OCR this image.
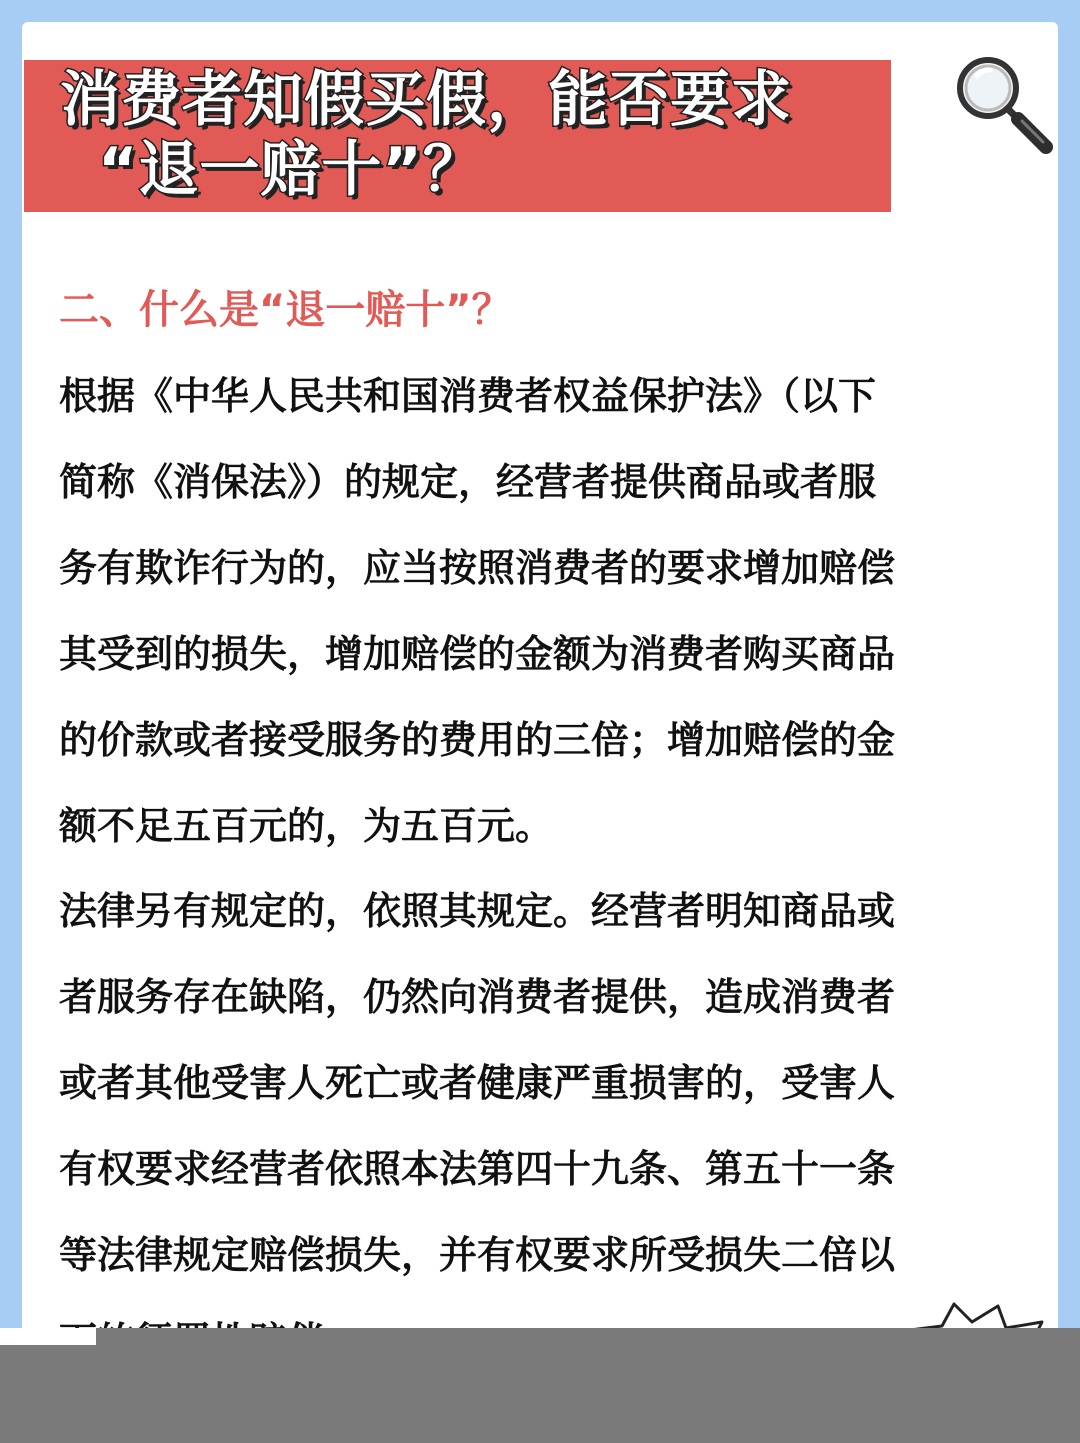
消费者知假买假，能否要求
“退一赔十”？
二、什么是“退一赔十”？
根据《中华人民共和国消费者权益保护法》（以下
简称《消保法》）的规定，经营者提供商品或者服
务有欺诈行为的，应当按照消费者的要求增加赔偿
其受到的损失，增加赔偿的金额为消费者购买商品
的价款或者接受服务的费用的三倍；增加赔偿的金
额不足五百元的，为五百元。
法律另有规定的，依照其规定。经营者明知商品或
者服务存在缺陷，仍然向消费者提供，造成消费者
或者其他受害人死亡或者健康严重损害的，受害人
有权要求经营者依照本法第四十九条、第五十一条
等法律规定赔偿损失，并有权要求所受损失二倍以
